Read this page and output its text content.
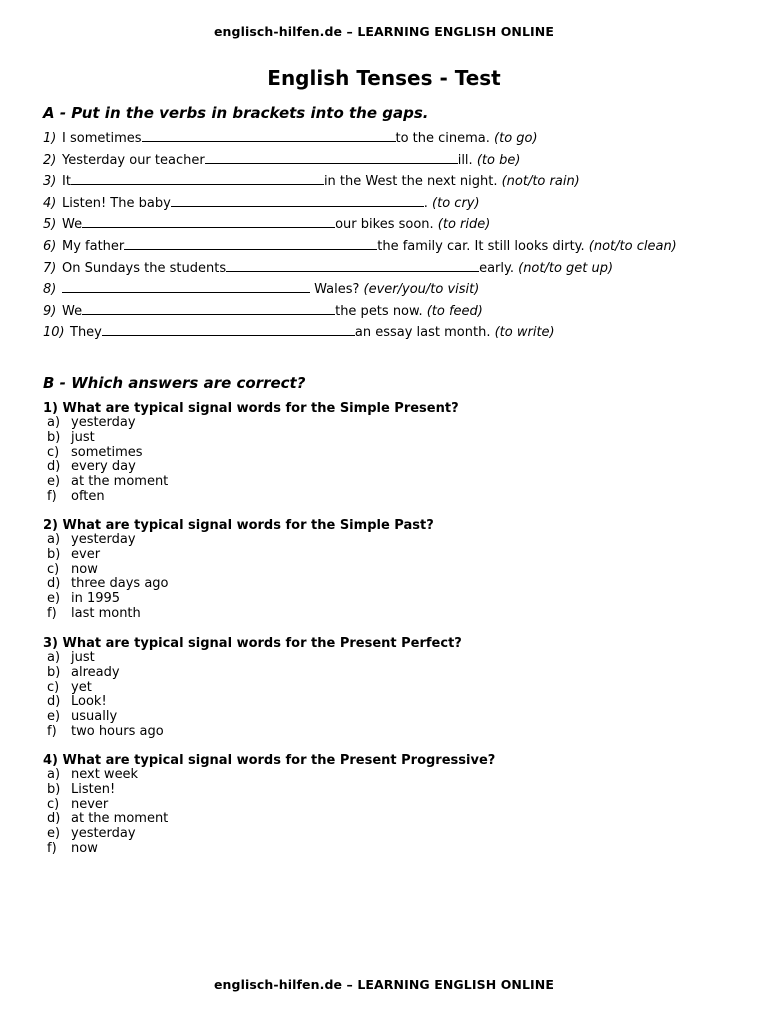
englisch-hilfen.de – LEARNING ENGLISH ONLINE
English Tenses - Test
A - Put in the verbs in brackets into the gaps.
1) I sometimes	to the cinema. (to go)
2) Yesterday our teacher	ill. (to be)
3) It	in the West the next night. (not/to rain)
4) Listen! The baby	. (to cry)
5) We	our bikes soon. (to ride)
6) My father	the family car. It still looks dirty. (not/to clean)
7) On Sundays the students	early. (not/to get up)
8)	Wales? (ever/you/to visit)
9) We	the pets now. (to feed)
10) They	an essay last month. (to write)
B - Which answers are correct?
1) What are typical signal words for the Simple Present?
a) yesterday
b) just
c) sometimes
d) every day
e) at the moment
f) often
2) What are typical signal words for the Simple Past?
a) yesterday
b) ever
c) now
d) three days ago
e) in 1995
f) last month
3) What are typical signal words for the Present Perfect?
a) just
b) already
c) yet
d) Look!
e) usually
f) two hours ago
4) What are typical signal words for the Present Progressive?
a) next week
b) Listen!
c) never
d) at the moment
e) yesterday
f) now
englisch-hilfen.de – LEARNING ENGLISH ONLINE
